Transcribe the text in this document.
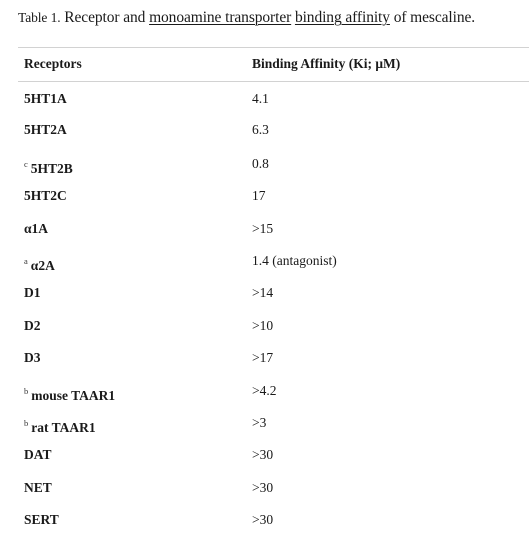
Table 1. Receptor and monoamine transporter binding affinity of mescaline.
Receptors	Binding Affinity (Ki; μM)
5HT1A	4.1
5HT2A	6.3
$^c$ 5HT2B	0.8
5HT2C	17
α1A	>15
$^a$ α2A	1.4 (antagonist)
D1	>14
D2	>10
D3	>17
$^b$ mouse TAAR1	>4.2
$^b$ rat TAAR1	>3
DAT	>30
NET	>30
SERT	>30
